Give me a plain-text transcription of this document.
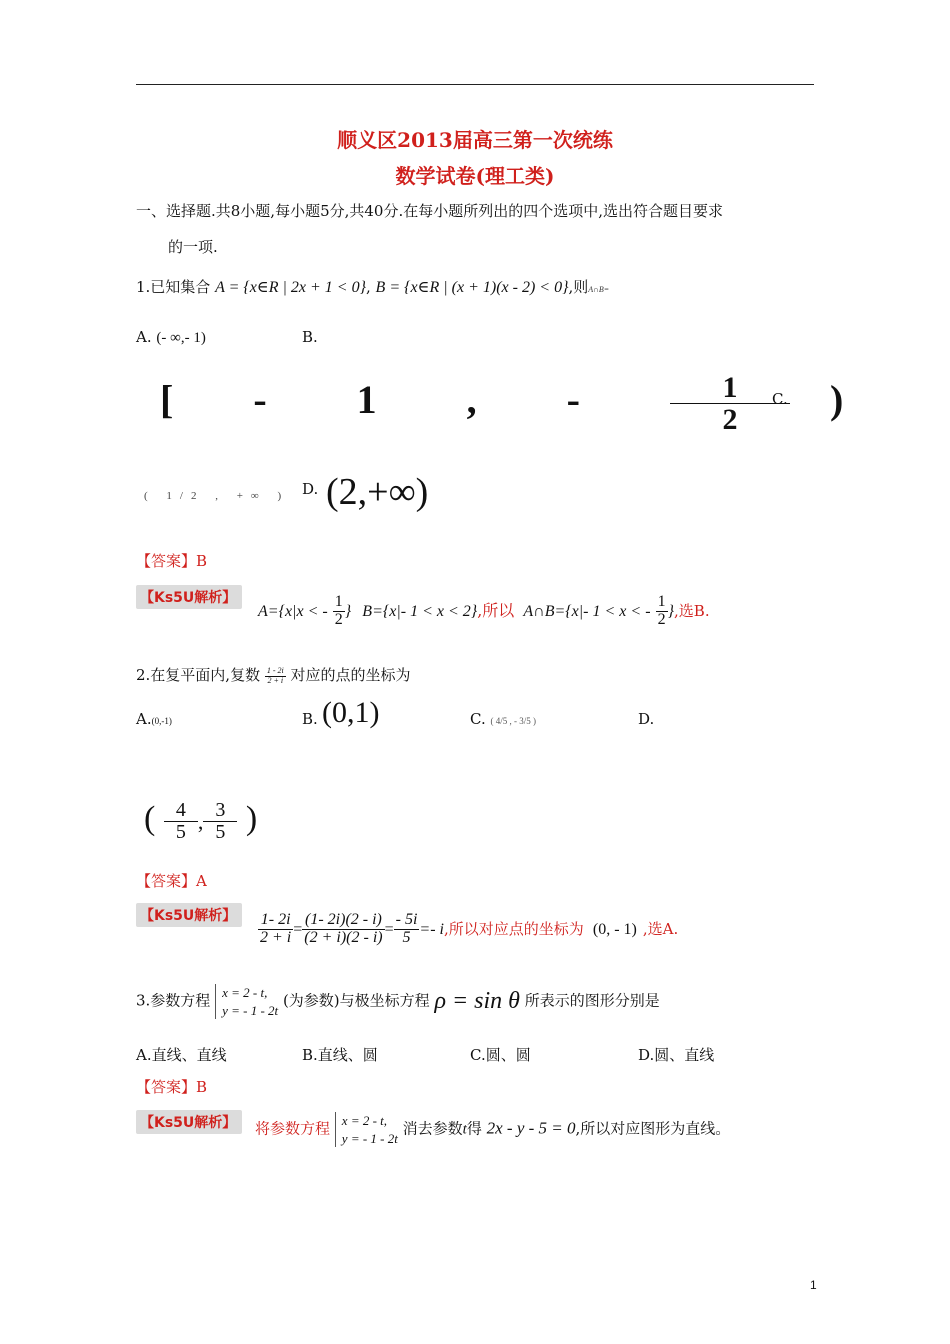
顺义区2013届高三第一次统练
数学试卷(理工类)
一、选择题.共8小题,每小题5分,共40分.在每小题所列出的四个选项中,选出符合题目要求
的一项.
1.已知集合 A = {x∈R | 2x + 1 < 0}, B = {x∈R | (x + 1)(x - 2) < 0},则A∩B=
A. (- ∞,- 1)	B.
[ - 1 , - $\frac{1}{2}$ )
C.
( 1/2 , +∞ ) D. (2,+∞)
【答案】B
【Ks5U解析】
A={x|x < - $\frac{1}{2}$ } B={x|- 1 < x < 2},所以 A∩B={x|- 1 < x < - $\frac{1}{2}$ },选B.
2.在复平面内,复数 $\frac{1 - 2i}{2 + i}$ 对应的点的坐标为
A.(0,-1)	B. (0,1)	C. ( 4/5 , - 3/5 )	D.
( $\frac{4}{5}$ , $\frac{3}{5}$ )
【答案】A
【Ks5U解析】	$\frac{1- 2i}{2 + i} = \frac{(1- 2i)(2 - i)}{(2 + i)(2 - i)} = \frac{- 5i}{5} =- i$,所以对应点的坐标为 (0, - 1) ,选A.
3.参数方程 x = 2 - t,
y = - 1 - 2t
(为参数)与极坐标方程 ρ = sin θ 所表示的图形分别是
A.直线、直线	B.直线、圆	C.圆、圆	D.圆、直线
【答案】B
【Ks5U解析】	将参数方程 x = 2 - t,
y = - 1 - 2t
消去参数t得 2x - y - 5 = 0,所以对应图形为直线。
1
